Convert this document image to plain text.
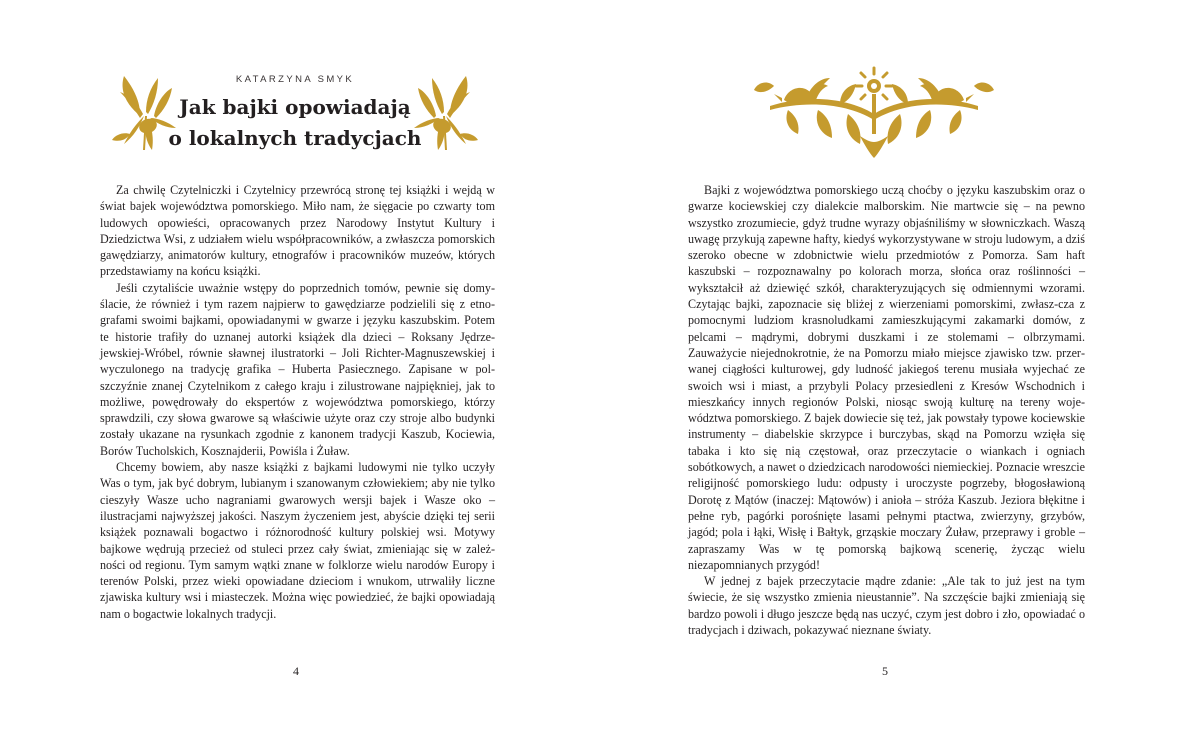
KATARZYNA SMYK
Jak bajki opowiadają
o lokalnych tradycjach

Za chwilę Czytelniczki i Czytelnicy przewrócą stronę tej książki i wejdą w świat bajek województwa pomorskiego. Miło nam, że sięgacie po czwarty tom ludowych opowieści, opracowanych przez Narodowy Instytut Kultury i Dziedzictwa Wsi, z udziałem wielu współpracowników, a zwłaszcza pomorskich gawędziarzy, animatorów kultury, etnografów i pracowników muzeów, których przedstawiamy na końcu książki.

Jeśli czytaliście uważnie wstępy do poprzednich tomów, pewnie się domyślacie, że również i tym razem najpierw to gawędziarze podzielili się z etnografami swoimi bajkami, opowiadanymi w gwarze i języku kaszubskim. Potem te historie trafiły do uznanej autorki książek dla dzieci – Roksany Jędrzejewskiej-Wróbel, równie sławnej ilustratorki – Joli Richter-Magnuszewskiej i wyczulonego na tradycję grafika – Huberta Pasiecznego. Zapisane w polszczyźnie znanej Czytelnikom z całego kraju i zilustrowane najpiękniej, jak to możliwe, powędrowały do ekspertów z województwa pomorskiego, którzy sprawdzili, czy słowa gwarowe są właściwie użyte oraz czy stroje albo budynki zostały ukazane na rysunkach zgodnie z kanonem tradycji Kaszub, Kociewia, Borów Tucholskich, Kosznajderii, Powiśla i Żuław.

Chcemy bowiem, aby nasze książki z bajkami ludowymi nie tylko uczyły Was o tym, jak być dobrym, lubianym i szanowanym człowiekiem; aby nie tylko cieszyły Wasze ucho nagraniami gwarowych wersji bajek i Wasze oko – ilustracjami najwyższej jakości. Naszym życzeniem jest, abyście dzięki tej serii książek poznawali bogactwo i różnorodność kultury polskiej wsi. Motywy bajkowe wędrują przecież od stuleci przez cały świat, zmieniając się w zależności od regionu. Tym samym wątki znane w folklorze wielu narodów Europy i terenów Polski, przez wieki opowiadane dzieciom i wnukom, utrwaliły liczne zjawiska kultury wsi i miasteczek. Można więc powiedzieć, że bajki opowiadają nam o bogactwie lokalnych tradycji.

4

Bajki z województwa pomorskiego uczą choćby o języku kaszubskim oraz o gwarze kociewskiej czy dialekcie malborskim. Nie martwcie się – na pewno wszystko zrozumiecie, gdyż trudne wyrazy objaśniliśmy w słowniczkach. Waszą uwagę przykują zapewne hafty, kiedyś wykorzystywane w stroju ludowym, a dziś szeroko obecne w zdobnictwie wielu przedmiotów z Pomorza. Sam haft kaszubski – rozpoznawalny po kolorach morza, słońca oraz roślinności – wykształcił aż dziewięć szkół, charakteryzujących się odmiennymi wzorami. Czytając bajki, zapoznacie się bliżej z wierzeniami pomorskimi, zwłasz-cza z pomocnymi ludziom krasnoludkami zamieszkującymi zakamarki domów, z pelcami – mądrymi, dobrymi duszkami i ze stolemami – olbrzymami. Zauważycie niejednokrotnie, że na Pomorzu miało miejsce zjawisko tzw. przerwanej ciągłości kulturowej, gdy ludność jakiegoś terenu musiała wyjechać ze swoich wsi i miast, a przybyli Polacy przesiedleni z Kresów Wschodnich i mieszkańcy innych regionów Polski, niosąc swoją kulturę na tereny województwa pomorskiego. Z bajek dowiecie się też, jak powstały typowe kociewskie instrumenty – diabelskie skrzypce i burczybas, skąd na Pomorzu wzięła się tabaka i kto się nią częstował, oraz przeczytacie o wiankach i ogniach sobótkowych, a nawet o dziedzicach narodowości niemieckiej. Poznacie wreszcie religijność pomorskiego ludu: odpusty i uroczyste pogrzeby, błogosławioną Dorotę z Mątów (inaczej: Mątowów) i anioła – stróża Kaszub. Jeziora błękitne i pełne ryb, pagórki porośnięte lasami pełnymi ptactwa, zwierzyny, grzybów, jagód; pola i łąki, Wisłę i Bałtyk, grząskie moczary Żuław, przeprawy i groble – zapraszamy Was w tę pomorską bajkową scenerię, życząc wielu niezapomnianych przygód!

W jednej z bajek przeczytacie mądre zdanie: „Ale tak to już jest na tym świecie, że się wszystko zmienia nieustannie”. Na szczęście bajki zmieniają się bardzo powoli i długo jeszcze będą nas uczyć, czym jest dobro i zło, opowiadać o tradycjach i dziwach, pokazywać nieznane światy.

5
